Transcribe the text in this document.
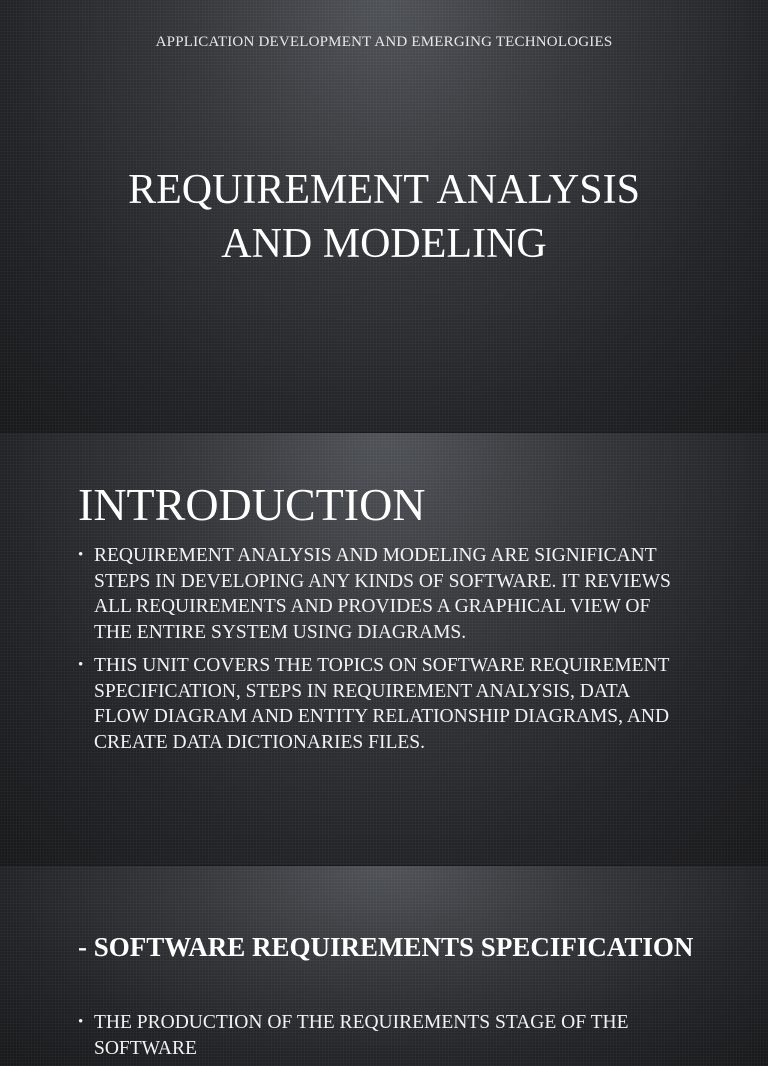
APPLICATION DEVELOPMENT AND EMERGING TECHNOLOGIES
REQUIREMENT ANALYSIS
AND MODELING
INTRODUCTION
• REQUIREMENT ANALYSIS AND MODELING ARE SIGNIFICANT STEPS IN DEVELOPING ANY KINDS OF SOFTWARE. IT REVIEWS ALL REQUIREMENTS AND PROVIDES A GRAPHICAL VIEW OF THE ENTIRE SYSTEM USING DIAGRAMS.
• THIS UNIT COVERS THE TOPICS ON SOFTWARE REQUIREMENT SPECIFICATION, STEPS IN REQUIREMENT ANALYSIS, DATA FLOW DIAGRAM AND ENTITY RELATIONSHIP DIAGRAMS, AND CREATE DATA DICTIONARIES FILES.
- SOFTWARE REQUIREMENTS SPECIFICATION
• THE PRODUCTION OF THE REQUIREMENTS STAGE OF THE SOFTWARE
